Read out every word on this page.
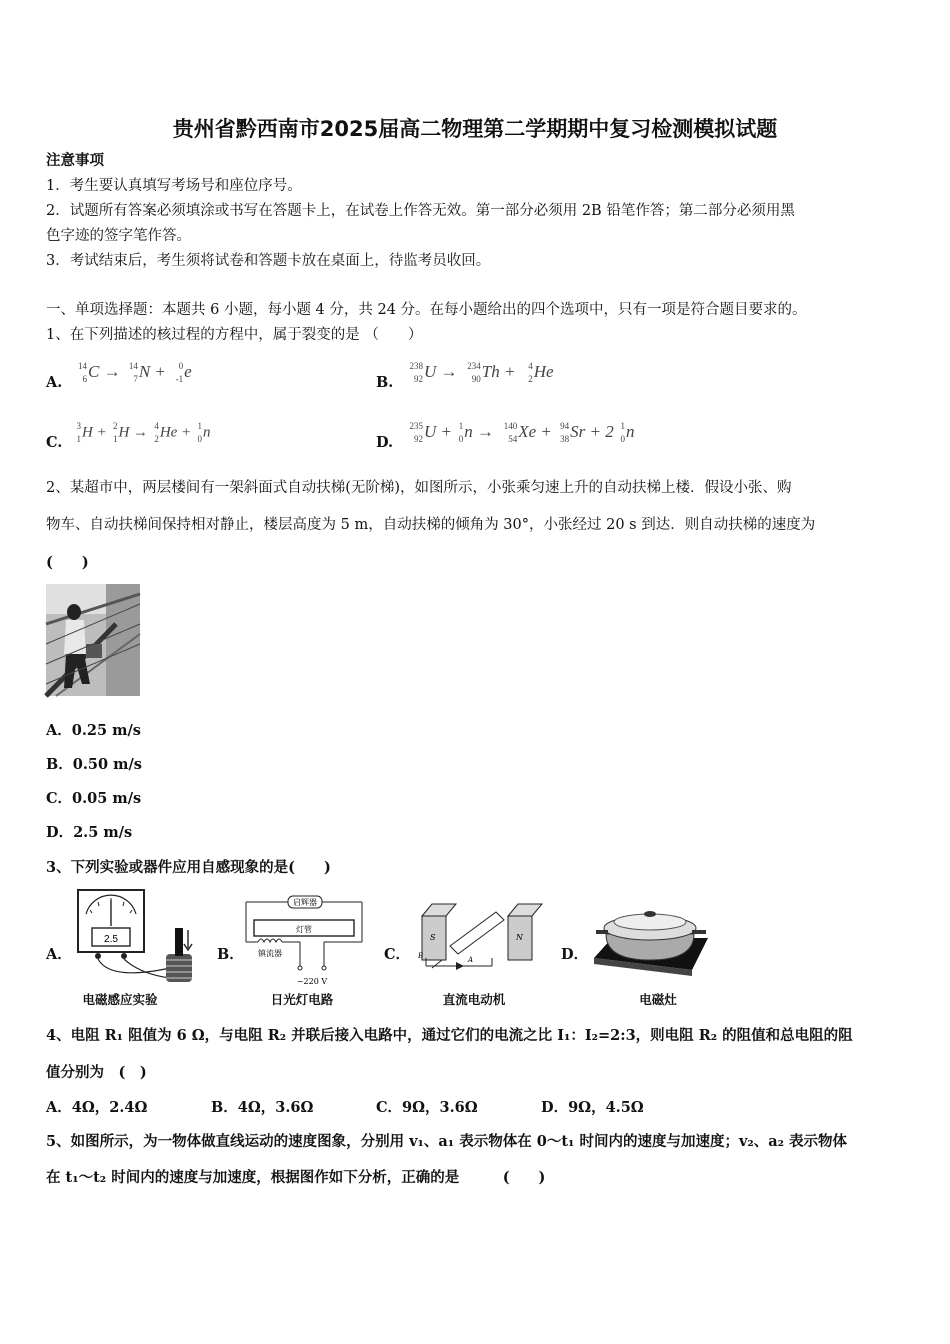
贵州省黔西南市2025届高二物理第二学期期中复习检测模拟试题
注意事项
1．考生要认真填写考场号和座位序号。
2．试题所有答案必须填涂或书写在答题卡上，在试卷上作答无效。第一部分必须用 2B 铅笔作答；第二部分必须用黑
色字迹的签字笔作答。
3．考试结束后，考生须将试卷和答题卡放在桌面上，待监考员收回。
一、单项选择题：本题共 6 小题，每小题 4 分，共 24 分。在每小题给出的四个选项中，只有一项是符合题目要求的。
1、在下列描述的核过程的方程中，属于裂变的是 （　　）
A.
14
6 C → 14
7 N + 0
-1 e
B.
238
92 U → 234
90 Th + 4
2 He
C.
3
1 H + 2
1 H → 4
2 He + 1
0 n
D.
235
92 U + 1
0 n → 140
54 Xe + 94
38 Sr + 2 1
0 n
2、某超市中，两层楼间有一架斜面式自动扶梯(无阶梯)，如图所示，小张乘匀速上升的自动扶梯上楼．假设小张、购
物车、自动扶梯间保持相对静止，楼层高度为 5 m，自动扶梯的倾角为 30°，小张经过 20 s 到达．则自动扶梯的速度为
(　　)
A．0.25 m/s
B．0.50 m/s
C．0.05 m/s
D．2.5 m/s
3、下列实验或器件应用自感现象的是(　　)
A．
2.5
电磁感应实验
B．
启辉器
灯管
镇流器
~220 V
日光灯电路
C．
S	N
B	A
直流电动机
D．
电磁灶
4、电阻 R₁ 阻值为 6 Ω，与电阻 R₂ 并联后接入电路中，通过它们的电流之比 I₁：I₂=2:3，则电阻 R₂ 的阻值和总电阻的阻
值分别为　(　)
A．4Ω，2.4Ω	B．4Ω，3.6Ω	C．9Ω，3.6Ω	D．9Ω，4.5Ω
5、如图所示，为一物体做直线运动的速度图象，分别用 v₁、a₁ 表示物体在 0～t₁ 时间内的速度与加速度；v₂、a₂ 表示物体
在 t₁～t₂ 时间内的速度与加速度，根据图作如下分析，正确的是　　　(　　)
